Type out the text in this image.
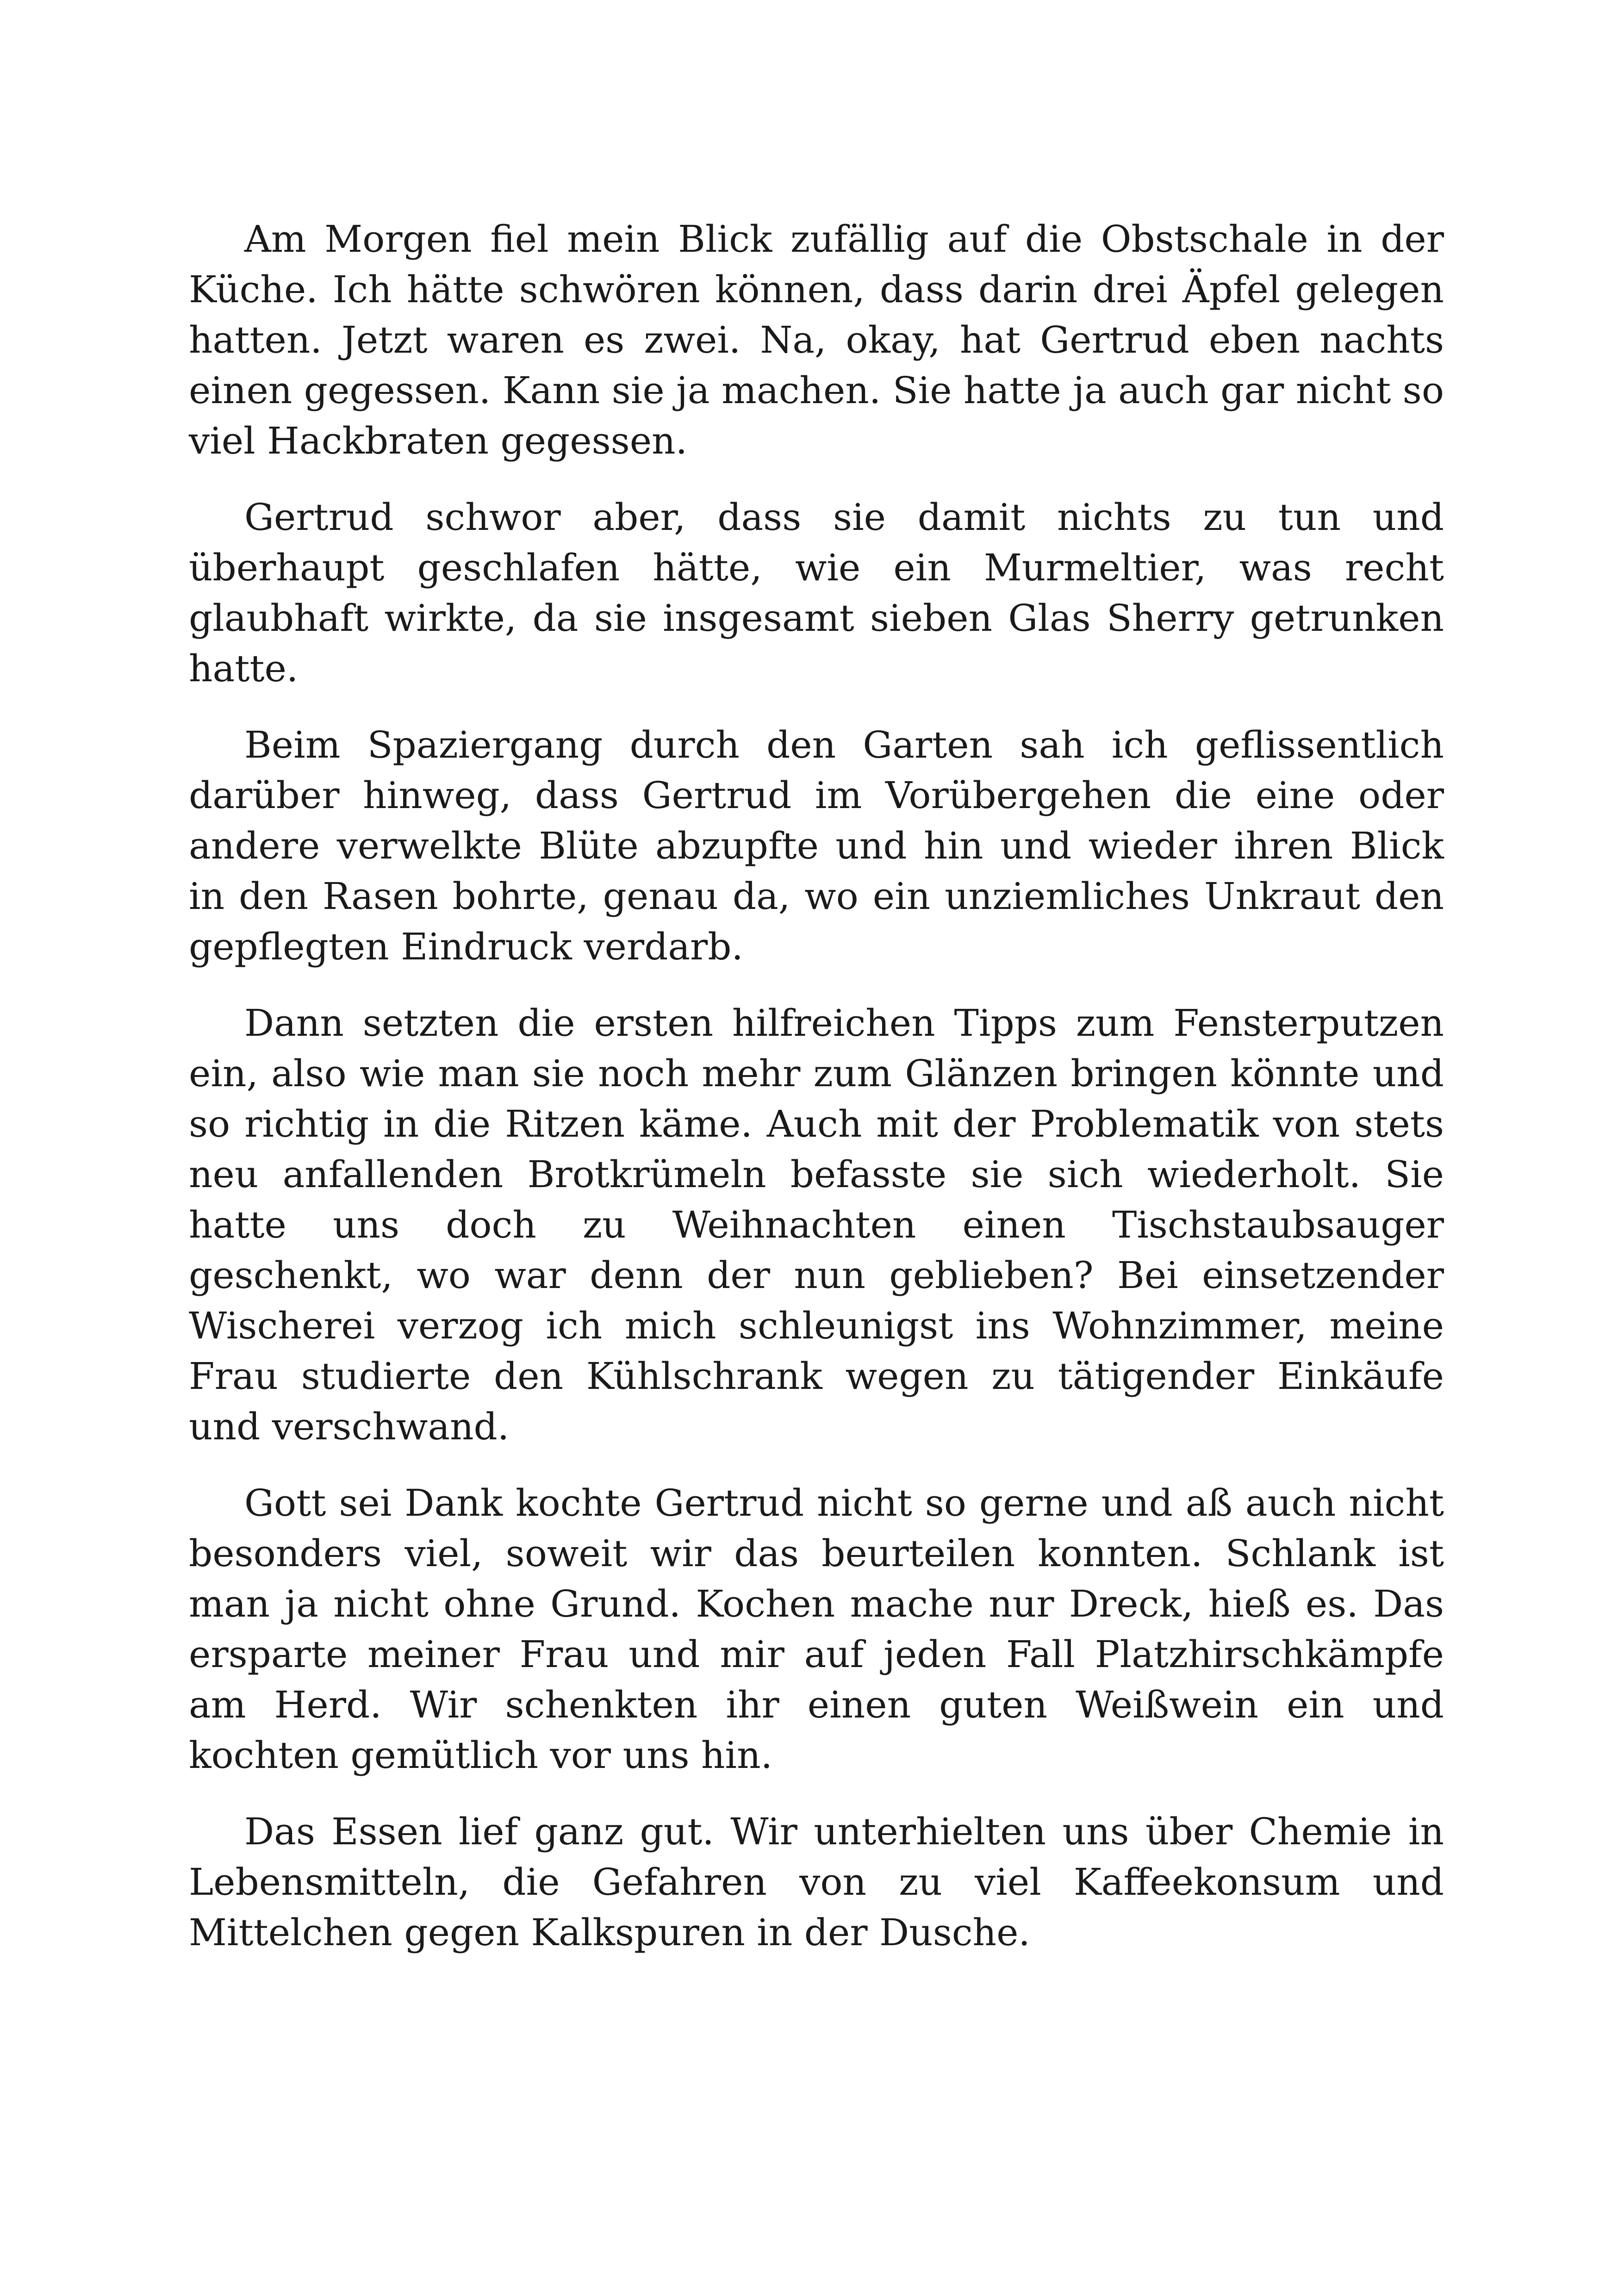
Am Morgen fiel mein Blick zufällig auf die Obstschale in der Küche. Ich hätte schwören können, dass darin drei Äpfel gelegen hatten. Jetzt waren es zwei. Na, okay, hat Gertrud eben nachts einen gegessen. Kann sie ja machen. Sie hatte ja auch gar nicht so viel Hackbraten gegessen.

Gertrud schwor aber, dass sie damit nichts zu tun und überhaupt geschlafen hätte, wie ein Murmeltier, was recht glaubhaft wirkte, da sie insgesamt sieben Glas Sherry getrunken hatte.

Beim Spaziergang durch den Garten sah ich geflissentlich darüber hinweg, dass Gertrud im Vorübergehen die eine oder andere verwelkte Blüte abzupfte und hin und wieder ihren Blick in den Rasen bohrte, genau da, wo ein unziemliches Unkraut den gepflegten Eindruck verdarb.

Dann setzten die ersten hilfreichen Tipps zum Fensterputzen ein, also wie man sie noch mehr zum Glänzen bringen könnte und so richtig in die Ritzen käme. Auch mit der Problematik von stets neu anfallenden Brotkrümeln befasste sie sich wiederholt. Sie hatte uns doch zu Weihnachten einen Tischstaubsauger geschenkt, wo war denn der nun geblieben? Bei einsetzender Wischerei verzog ich mich schleunigst ins Wohnzimmer, meine Frau studierte den Kühlschrank wegen zu tätigender Einkäufe und verschwand.

Gott sei Dank kochte Gertrud nicht so gerne und aß auch nicht besonders viel, soweit wir das beurteilen konnten. Schlank ist man ja nicht ohne Grund. Kochen mache nur Dreck, hieß es. Das ersparte meiner Frau und mir auf jeden Fall Platzhirschkämpfe am Herd. Wir schenkten ihr einen guten Weißwein ein und kochten gemütlich vor uns hin.

Das Essen lief ganz gut. Wir unterhielten uns über Chemie in Lebensmitteln, die Gefahren von zu viel Kaffeekonsum und Mittelchen gegen Kalkspuren in der Dusche.
